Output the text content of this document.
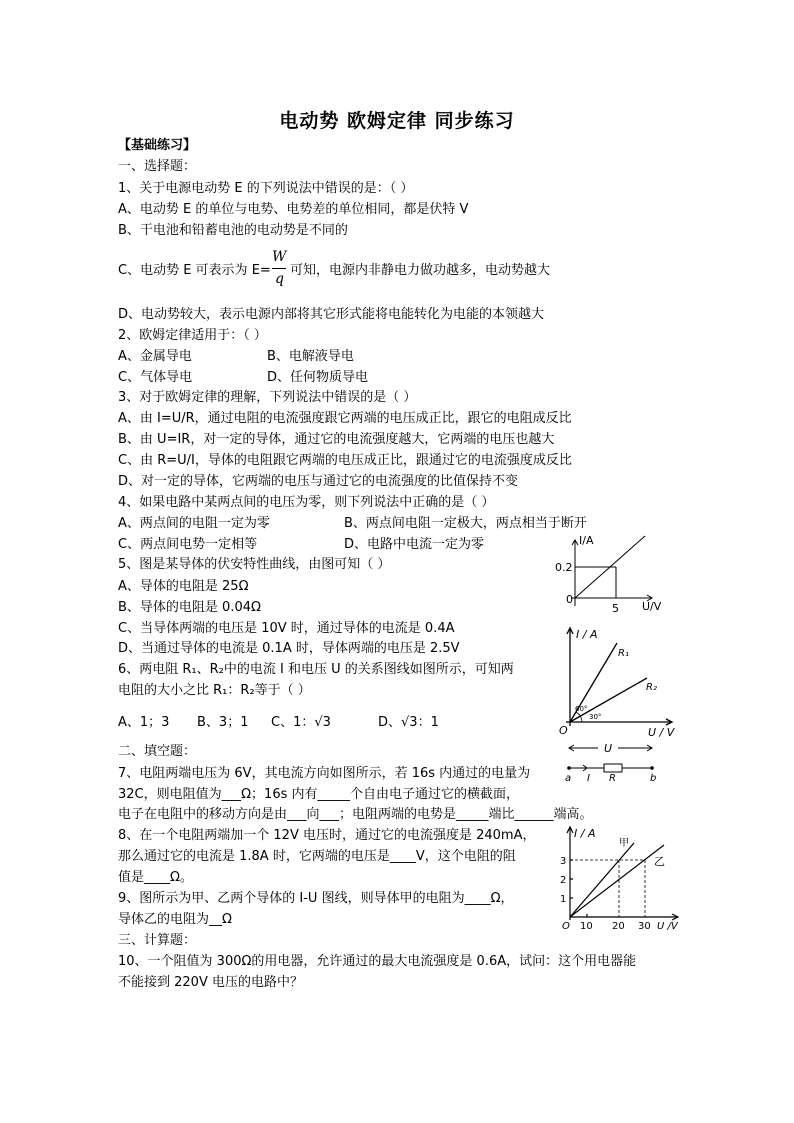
电动势 欧姆定律 同步练习
【基础练习】
一、选择题：
1、关于电源电动势 E 的下列说法中错误的是：（ ）
A、电动势 E 的单位与电势、电势差的单位相同，都是伏特 V
B、干电池和铅蓄电池的电动势是不同的
C、电动势 E 可表示为 E=
W
q
可知，电源内非静电力做功越多，电动势越大
D、电动势较大，表示电源内部将其它形式能将电能转化为电能的本领越大
2、欧姆定律适用于：（ ）
A、金属导电	B、电解液导电
C、气体导电	D、任何物质导电
3、对于欧姆定律的理解，下列说法中错误的是（ ）
A、由 I=U/R，通过电阻的电流强度跟它两端的电压成正比，跟它的电阻成反比
B、由 U=IR，对一定的导体，通过它的电流强度越大，它两端的电压也越大
C、由 R=U/I，导体的电阻跟它两端的电压成正比，跟通过它的电流强度成反比
D、对一定的导体，它两端的电压与通过它的电流强度的比值保持不变
4、如果电路中某两点间的电压为零，则下列说法中正确的是（ ）
A、两点间的电阻一定为零	B、两点间电阻一定极大，两点相当于断开
C、两点间电势一定相等	D、电路中电流一定为零
5、图是某导体的伏安特性曲线，由图可知（ ）
A、导体的电阻是 25Ω
B、导体的电阻是 0.04Ω
C、当导体两端的电压是 10V 时，通过导体的电流是 0.4A
D、当通过导体的电流是 0.1A 时，导体两端的电压是 2.5V
6、两电阻 R₁、R₂中的电流 I 和电压 U 的关系图线如图所示，可知两
电阻的大小之比 R₁：R₂等于（ ）
A、1；3 B、3；1 C、1：√3	D、√3：1
二、填空题：
7、电阻两端电压为 6V，其电流方向如图所示，若 16s 内通过的电量为
32C，则电阻值为___Ω；16s 内有_____个自由电子通过它的横截面，
电子在电阻中的移动方向是由___向___；电阻两端的电势是_____端比______端高。
8、在一个电阻两端加一个 12V 电压时，通过它的电流强度是 240mA，
那么通过它的电流是 1.8A 时，它两端的电压是____V，这个电阻的阻
值是____Ω。
9、图所示为甲、乙两个导体的 I-U 图线，则导体甲的电阻为____Ω，
导体乙的电阻为__Ω
三、计算题：
10、一个阻值为 300Ω的用电器，允许通过的最大电流强度是 0.6A，试问：这个用电器能
不能接到 220V 电压的电路中？
I/A
0.2
0
5 U/V
I / A
R₁
R₂
60°
30°
O	U / V
U
a I R	b
I / A
甲
乙
1
2
3
O 10 20 30 U /V
